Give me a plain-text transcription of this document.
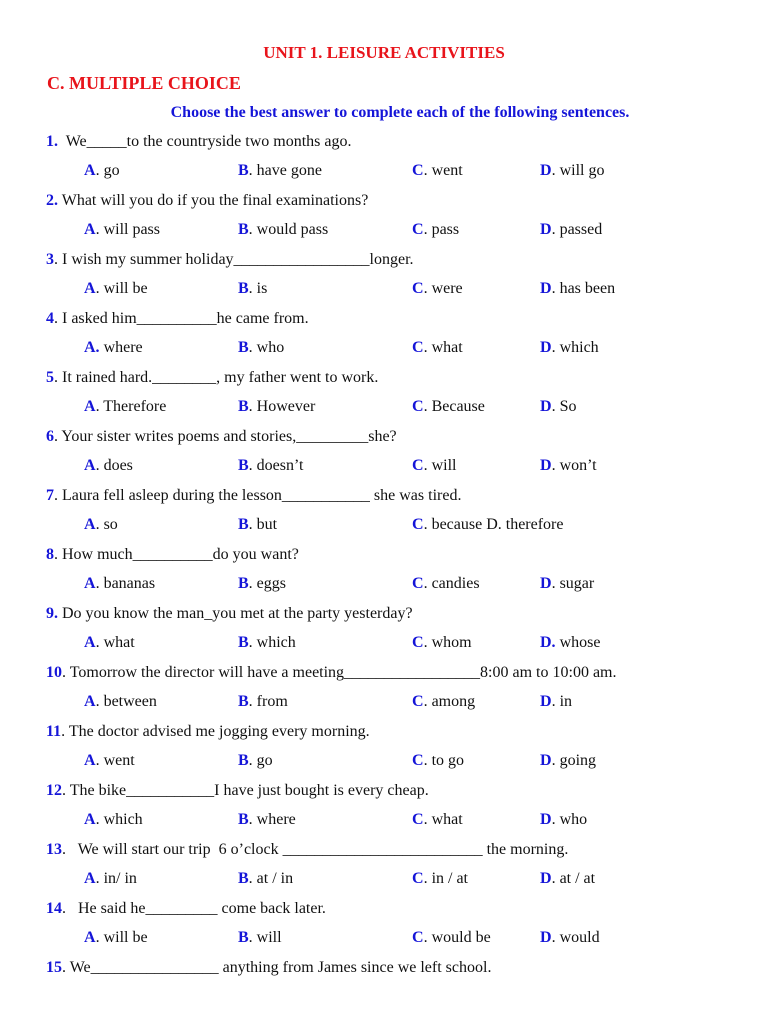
UNIT 1. LEISURE ACTIVITIES
C. MULTIPLE CHOICE
Choose the best answer to complete each of the following sentences.
1.  We_____to the countryside two months ago.
A. go	B. have gone	C. went	D. will go
2. What will you do if you the final examinations?
A. will pass	B. would pass	C. pass	D. passed
3. I wish my summer holiday_________________longer.
A. will be	B. is	C. were	D. has been
4. I asked him__________he came from.
A. where	B. who	C. what	D. which
5. It rained hard.________, my father went to work.
A. Therefore	B. However	C. Because	D. So
6. Your sister writes poems and stories,_________she?
A. does	B. doesn’t	C. will	D. won’t
7. Laura fell asleep during the lesson___________ she was tired.
A. so	B. but	C. because D. therefore
8. How much__________do you want?
A. bananas	B. eggs	C. candies	D. sugar
9. Do you know the man_you met at the party yesterday?
A. what	B. which	C. whom	D. whose
10. Tomorrow the director will have a meeting_________________8:00 am to 10:00 am.
A. between	B. from	C. among	D. in
11. The doctor advised me jogging every morning.
A. went	B. go	C. to go	D. going
12. The bike___________I have just bought is every cheap.
A. which	B. where	C. what	D. who
13.   We will start our trip  6 o’clock _________________________ the morning.
A. in/ in	B. at / in	C. in / at	D. at / at
14.   He said he_________ come back later.
A. will be	B. will	C. would be	D. would
15. We________________ anything from James since we left school.
